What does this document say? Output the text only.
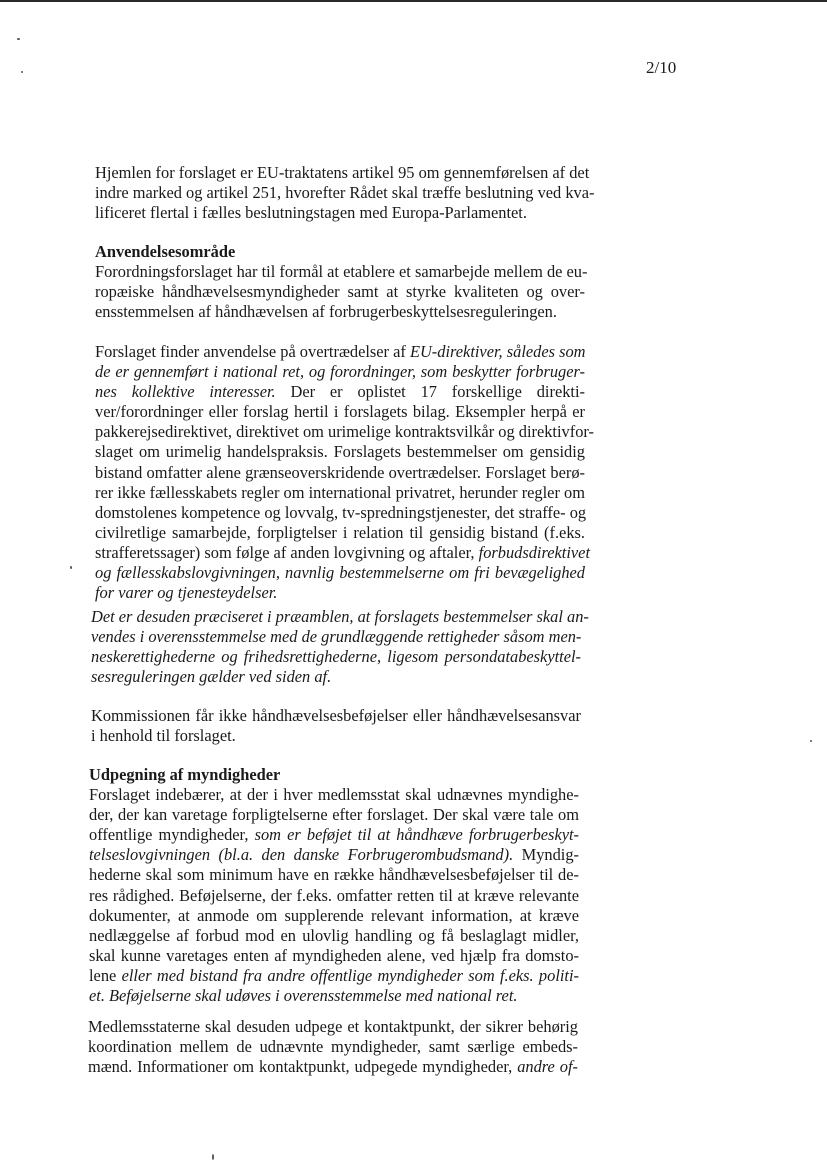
2/10
Hjemlen for forslaget er EU-traktatens artikel 95 om gennemførelsen af det
indre marked og artikel 251, hvorefter Rådet skal træffe beslutning ved kva-
lificeret flertal i fælles beslutningstagen med Europa-Parlamentet.
Anvendelsesområde
Forordningsforslaget har til formål at etablere et samarbejde mellem de eu-
ropæiske håndhævelsesmyndigheder samt at styrke kvaliteten og over-
ensstemmelsen af håndhævelsen af forbrugerbeskyttelsesreguleringen.
Forslaget finder anvendelse på overtrædelser af EU-direktiver, således som
de er gennemført i national ret, og forordninger, som beskytter forbruger-
nes kollektive interesser. Der er oplistet 17 forskellige direkti-
ver/forordninger eller forslag hertil i forslagets bilag. Eksempler herpå er
pakkerejsedirektivet, direktivet om urimelige kontraktsvilkår og direktivfor-
slaget om urimelig handelspraksis. Forslagets bestemmelser om gensidig
bistand omfatter alene grænseoverskridende overtrædelser. Forslaget berø-
rer ikke fællesskabets regler om international privatret, herunder regler om
domstolenes kompetence og lovvalg, tv-spredningstjenester, det straffe- og
civilretlige samarbejde, forpligtelser i relation til gensidig bistand (f.eks.
strafferetssager) som følge af anden lovgivning og aftaler, forbudsdirektivet
og fællesskabslovgivningen, navnlig bestemmelserne om fri bevægelighed
for varer og tjenesteydelser.
Det er desuden præciseret i præamblen, at forslagets bestemmelser skal an-
vendes i overensstemmelse med de grundlæggende rettigheder såsom men-
neskerettighederne og frihedsrettighederne, ligesom persondatabeskyttel-
sesreguleringen gælder ved siden af.
Kommissionen får ikke håndhævelsesbeføjelser eller håndhævelsesansvar
i henhold til forslaget.
Udpegning af myndigheder
Forslaget indebærer, at der i hver medlemsstat skal udnævnes myndighe-
der, der kan varetage forpligtelserne efter forslaget. Der skal være tale om
offentlige myndigheder, som er beføjet til at håndhæve forbrugerbeskyt-
telseslovgivningen (bl.a. den danske Forbrugerombudsmand). Myndig-
hederne skal som minimum have en række håndhævelsesbeføjelser til de-
res rådighed. Beføjelserne, der f.eks. omfatter retten til at kræve relevante
dokumenter, at anmode om supplerende relevant information, at kræve
nedlæggelse af forbud mod en ulovlig handling og få beslaglagt midler,
skal kunne varetages enten af myndigheden alene, ved hjælp fra domsto-
lene eller med bistand fra andre offentlige myndigheder som f.eks. politi-
et. Beføjelserne skal udøves i overensstemmelse med national ret.
Medlemsstaterne skal desuden udpege et kontaktpunkt, der sikrer behørig
koordination mellem de udnævnte myndigheder, samt særlige embeds-
mænd. Informationer om kontaktpunkt, udpegede myndigheder, andre of-
